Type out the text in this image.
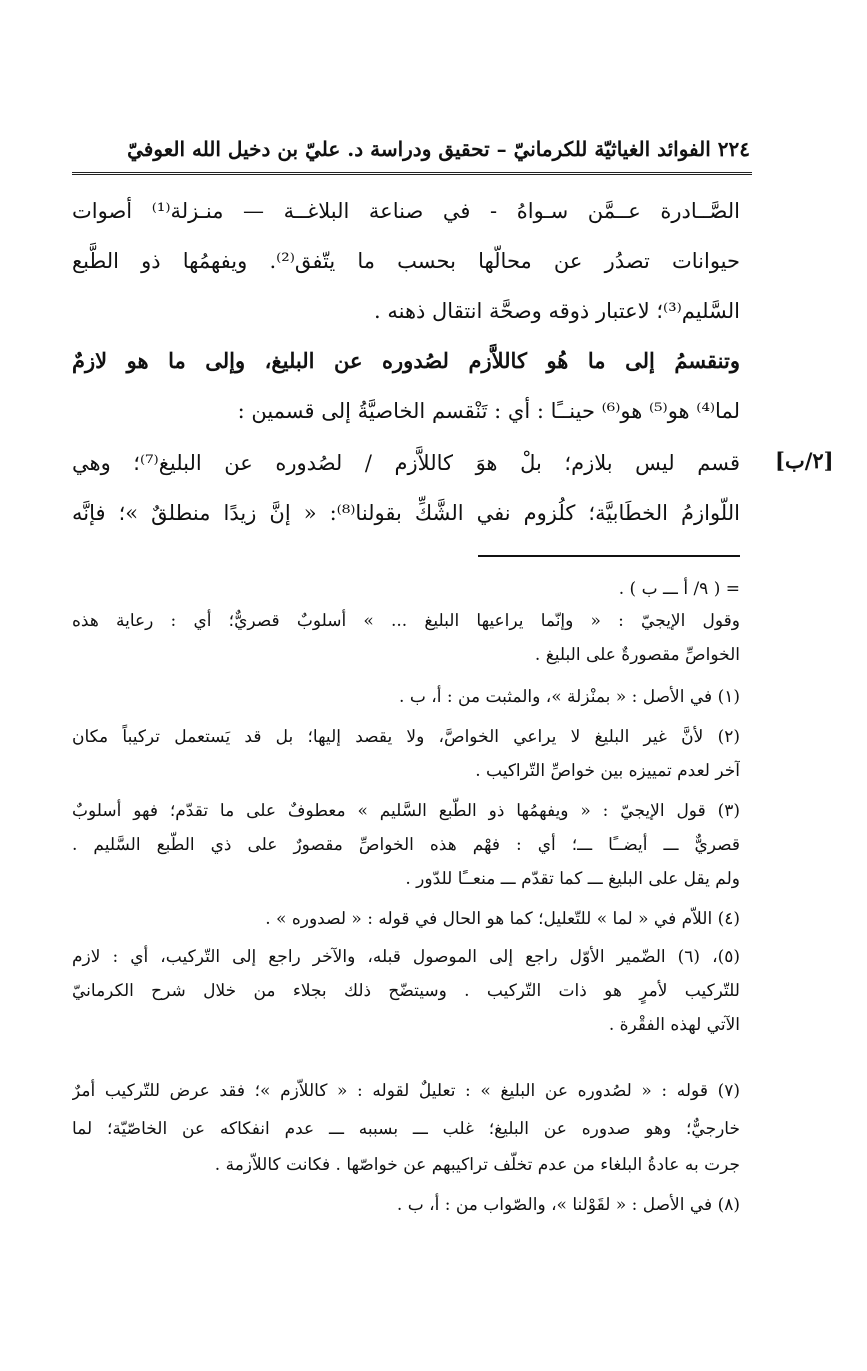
٢٢٤ الفوائد الغياثيّة للكرمانيّ – تحقيق ودراسة د. عليّ بن دخيل الله العوفيّ
الصَّــادرة عــمَّن سـواهُ - في صناعة البلاغــة — منـزلة⁽¹⁾ أصوات
حيوانات تصدُر عن محالّها بحسب ما يتّفق⁽²⁾. ويفهمُها ذو الطَّبع
السَّليم⁽³⁾؛ لاعتبار ذوقه وصحَّة انتقال ذهنه .
وتنقسمُ إلى ما هُو كاللاَّزم لصُدوره عن البليغ، وإلى ما هو لازمٌ
لما⁽⁴⁾ هو⁽⁵⁾ هو⁽⁶⁾ حينــًا : أي : تَنْقسم الخاصيَّةُ إلى قسمين :
قسم ليس بلازم؛ بلْ هوَ كاللاَّزم / لصُدوره عن البليغ⁽⁷⁾؛ وهي
اللّوازمُ الخطَابيَّة؛ كلُزوم نفي الشَّكِّ بقولنا⁽⁸⁾: « إنَّ زيدًا منطلقٌ »؛ فإنَّه
[٢/ب]
= ( ٩/ أ ـــ ب ) .
وقول الإيجيّ : « وإنّما يراعيها البليغ ... » أسلوبٌ قصريٌّ؛ أي : رعاية هذه
الخواصِّ مقصورةٌ على البليغ .
(١) في الأصل : « بمنْزلة »، والمثبت من : أ، ب .
(٢) لأنَّ غير البليغ لا يراعي الخواصَّ، ولا يقصد إليها؛ بل قد يَستعمل تركيباً مكان
آخر لعدم تمييزه بين خواصِّ التّراكيب .
(٣) قول الإيجيّ : « ويفهمُها ذو الطّبع السَّليم » معطوفٌ على ما تقدّم؛ فهو أسلوبٌ
قصريٌّ ـــ أيضــًا ـــ؛ أي : فهْم هذه الخواصِّ مقصورٌ على ذي الطّبع السَّليم .
ولم يقل على البليغ ـــ كما تقدّم ـــ منعــًا للدّور .
(٤) اللاّم في « لما » للتّعليل؛ كما هو الحال في قوله : « لصدوره » .
(٥)، (٦) الضّمير الأوّل راجع إلى الموصول قبله، والآخر راجع إلى التّركيب، أي : لازم
للتّركيب لأمرٍ هو ذات التّركيب . وسيتضّح ذلك بجلاء من خلال شرح الكرمانيّ
الآتي لهذه الفقْرة .
(٧) قوله : « لصُدوره عن البليغ » : تعليلٌ لقوله : « كاللاّزم »؛ فقد عرض للتّركيب أمرٌ
خارجيٌّ؛ وهو صدوره عن البليغ؛ غلب ـــ بسببه ـــ عدم انفكاكه عن الخاصّيّة؛ لما
جرت به عادةُ البلغاء من عدم تخلّف تراكيبهم عن خواصّها . فكانت كاللاّزمة .
(٨) في الأصل : « لقَوْلنا »، والصّواب من : أ، ب .
